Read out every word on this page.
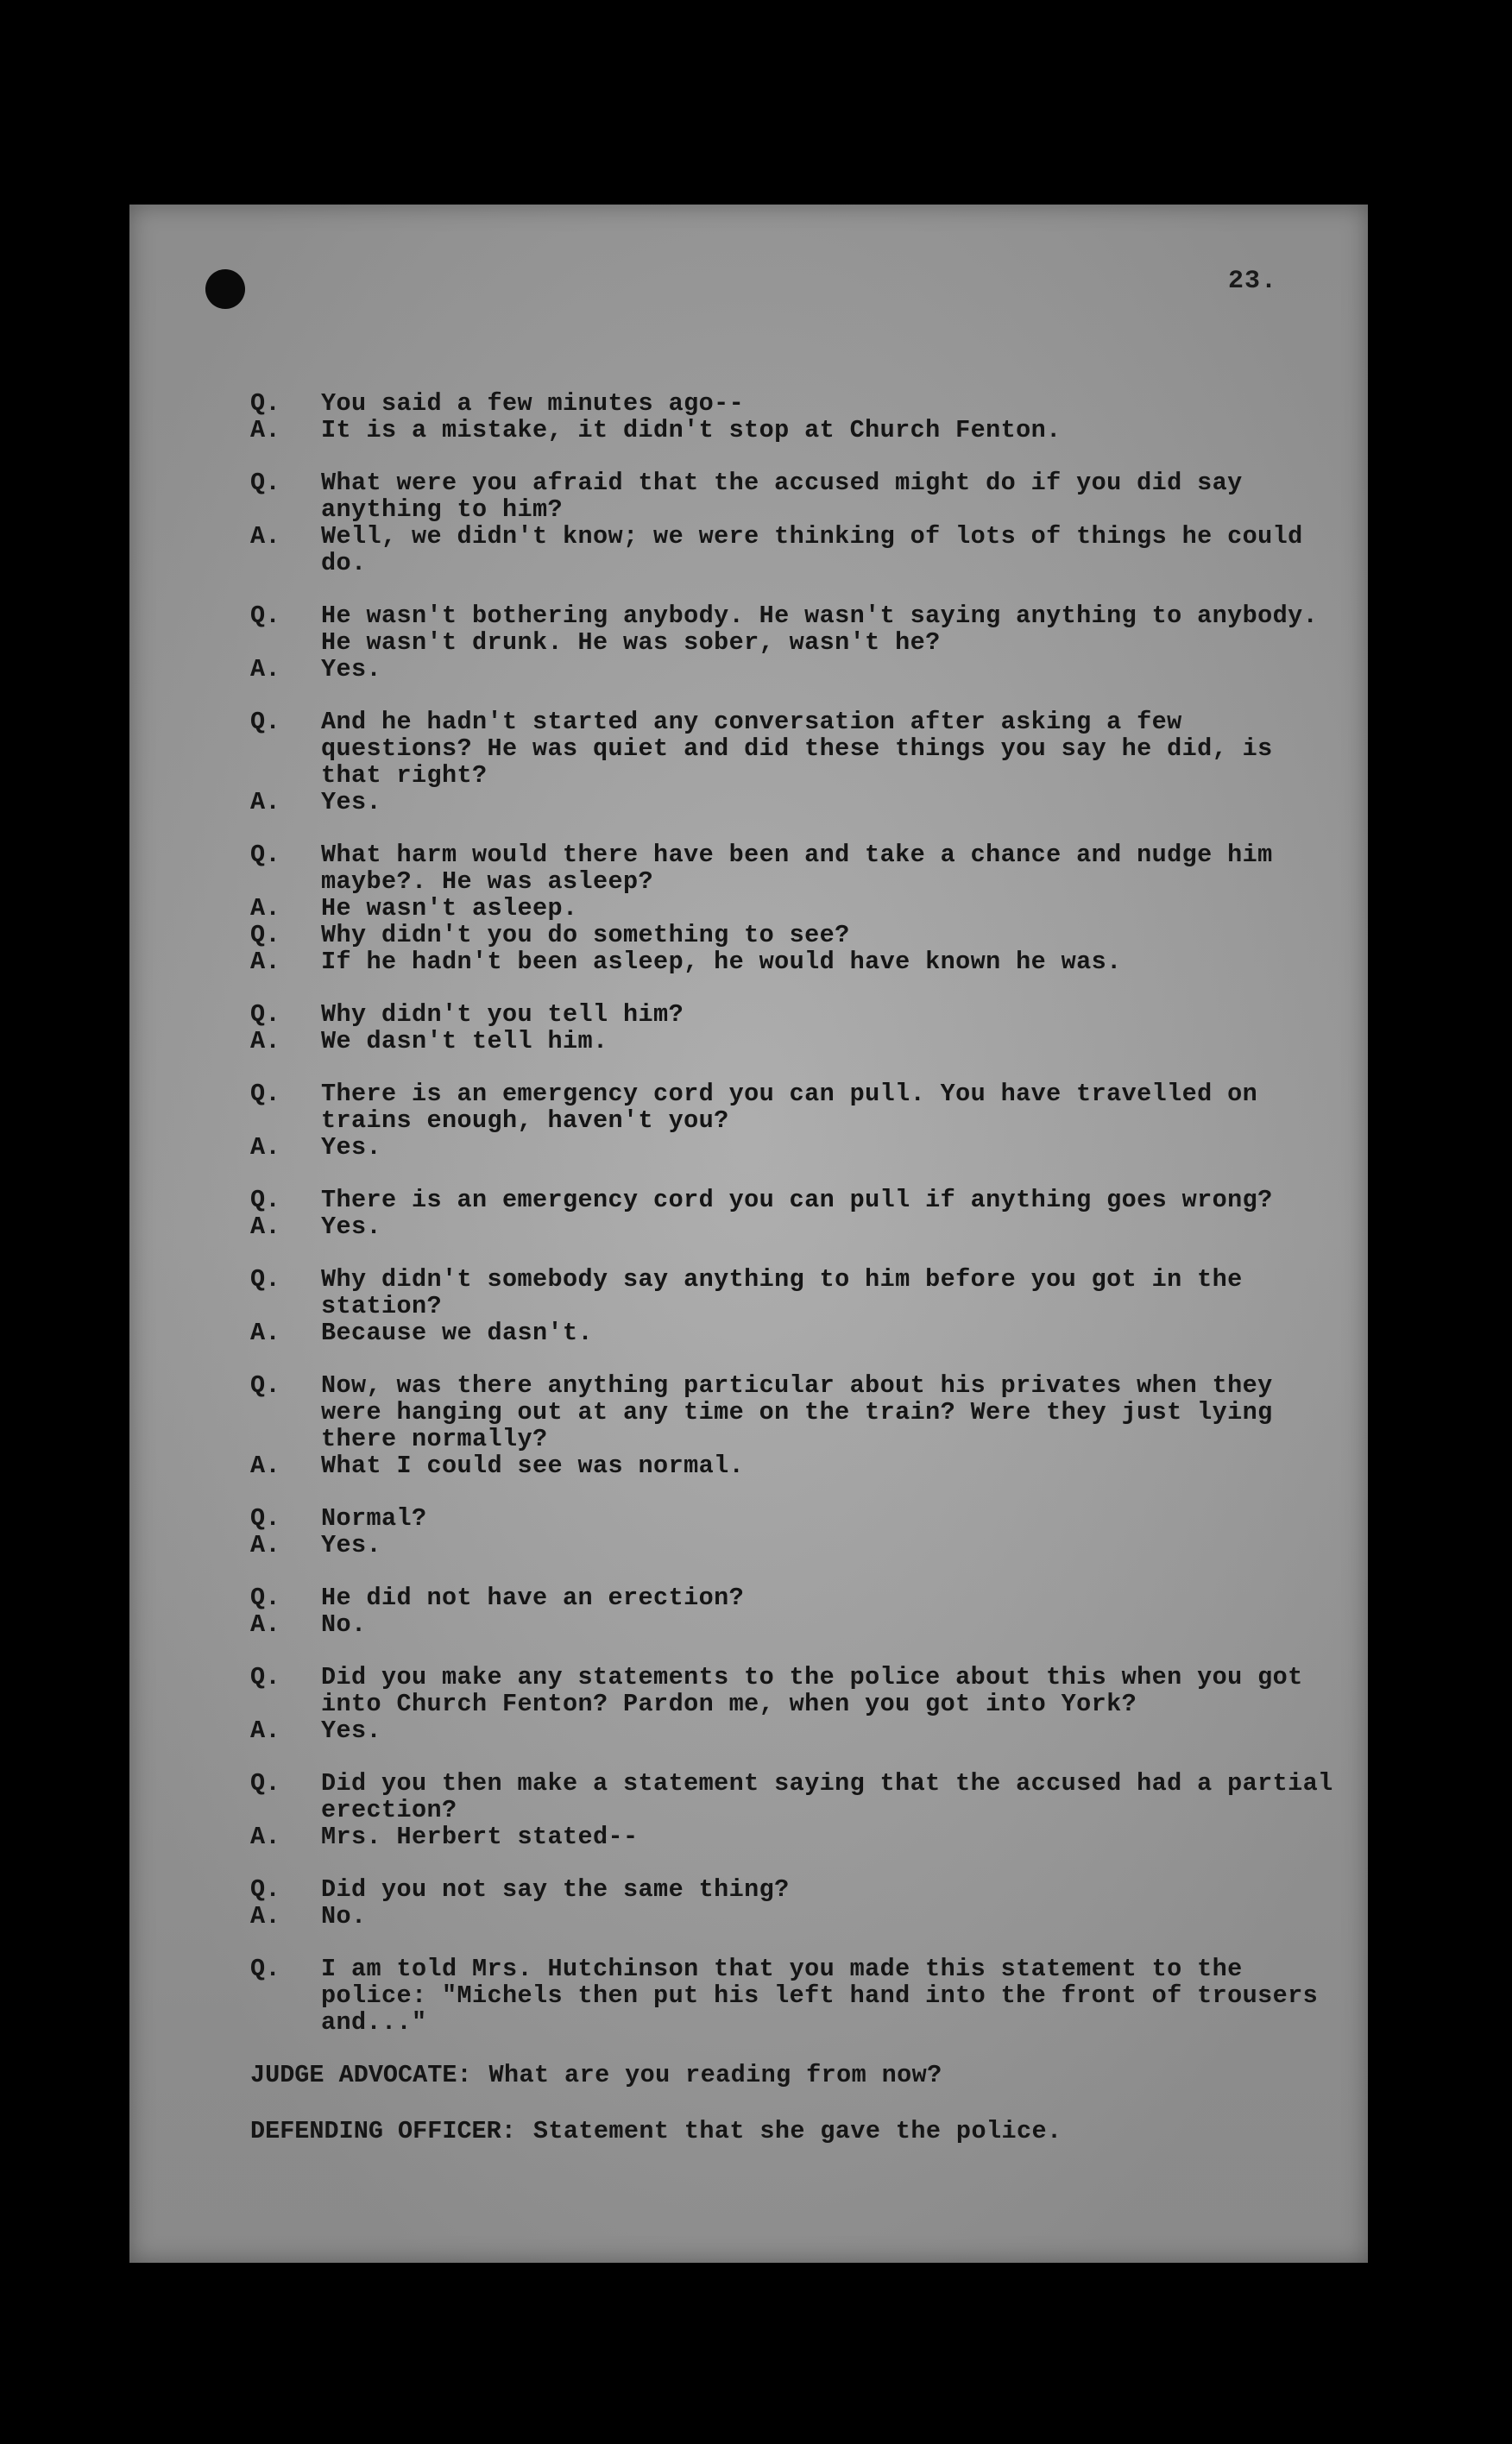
23.
Q.	You said a few minutes ago--
A.	It is a mistake, it didn't stop at Church Fenton.
Q.	What were you afraid that the accused might do if you did say anything to him?
A.	Well, we didn't know; we were thinking of lots of things he could do.
Q.	He wasn't bothering anybody. He wasn't saying anything to anybody. He wasn't drunk. He was sober, wasn't he?
A.	Yes.
Q.	And he hadn't started any conversation after asking a few questions? He was quiet and did these things you say he did, is that right?
A.	Yes.
Q.	What harm would there have been and take a chance and nudge him maybe?. He was asleep?
A.	He wasn't asleep.
Q.	Why didn't you do something to see?
A.	If he hadn't been asleep, he would have known he was.
Q.	Why didn't you tell him?
A.	We dasn't tell him.
Q.	There is an emergency cord you can pull. You have travelled on trains enough, haven't you?
A.	Yes.
Q.	There is an emergency cord you can pull if anything goes wrong?
A.	Yes.
Q.	Why didn't somebody say anything to him before you got in the station?
A.	Because we dasn't.
Q.	Now, was there anything particular about his privates when they were hanging out at any time on the train? Were they just lying there normally?
A.	What I could see was normal.
Q.	Normal?
A.	Yes.
Q.	He did not have an erection?
A.	No.
Q.	Did you make any statements to the police about this when you got into Church Fenton? Pardon me, when you got into York?
A.	Yes.
Q.	Did you then make a statement saying that the accused had a partial erection?
A.	Mrs. Herbert stated--
Q.	Did you not say the same thing?
A.	No.
Q.	I am told Mrs. Hutchinson that you made this statement to the police: "Michels then put his left hand into the front of trousers and..."
JUDGE ADVOCATE: What are you reading from now?
DEFENDING OFFICER: Statement that she gave the police.
